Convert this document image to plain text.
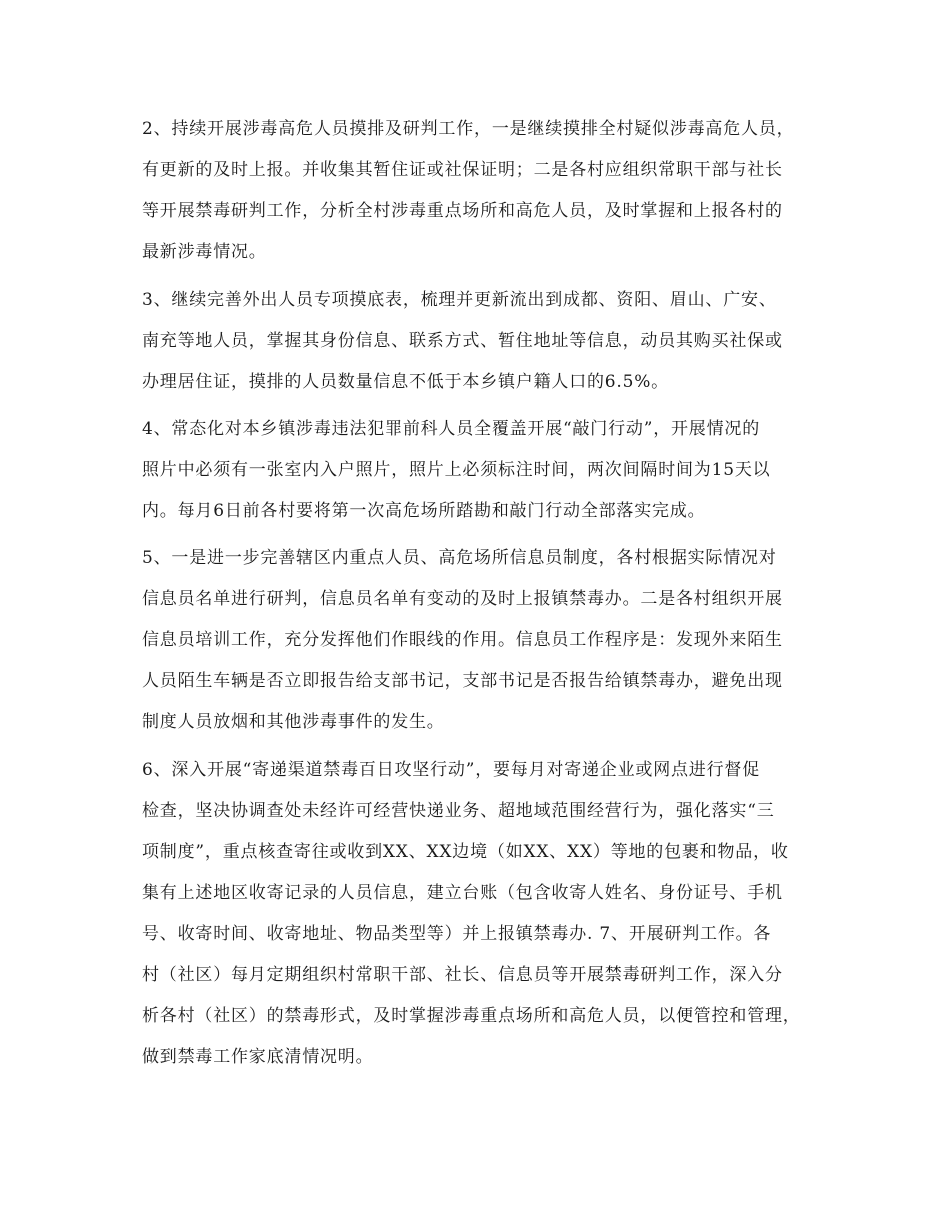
2、持续开展涉毒高危人员摸排及研判工作，一是继续摸排全村疑似涉毒高危人员，
有更新的及时上报。并收集其暂住证或社保证明；二是各村应组织常职干部与社长
等开展禁毒研判工作，分析全村涉毒重点场所和高危人员，及时掌握和上报各村的
最新涉毒情况。
3、继续完善外出人员专项摸底表，梳理并更新流出到成都、资阳、眉山、广安、
南充等地人员，掌握其身份信息、联系方式、暂住地址等信息，动员其购买社保或
办理居住证，摸排的人员数量信息不低于本乡镇户籍人口的6.5%。
4、常态化对本乡镇涉毒违法犯罪前科人员全覆盖开展“敲门行动”，开展情况的
照片中必须有一张室内入户照片，照片上必须标注时间，两次间隔时间为15天以
内。每月6日前各村要将第一次高危场所踏勘和敲门行动全部落实完成。
5、一是进一步完善辖区内重点人员、高危场所信息员制度，各村根据实际情况对
信息员名单进行研判，信息员名单有变动的及时上报镇禁毒办。二是各村组织开展
信息员培训工作，充分发挥他们作眼线的作用。信息员工作程序是：发现外来陌生
人员陌生车辆是否立即报告给支部书记，支部书记是否报告给镇禁毒办，避免出现
制度人员放烟和其他涉毒事件的发生。
6、深入开展“寄递渠道禁毒百日攻坚行动”，要每月对寄递企业或网点进行督促
检查，坚决协调查处未经许可经营快递业务、超地域范围经营行为，强化落实“三
项制度”，重点核查寄往或收到XX、XX边境（如XX、XX）等地的包裹和物品，收
集有上述地区收寄记录的人员信息，建立台账（包含收寄人姓名、身份证号、手机
号、收寄时间、收寄地址、物品类型等）并上报镇禁毒办. 7、开展研判工作。各
村（社区）每月定期组织村常职干部、社长、信息员等开展禁毒研判工作，深入分
析各村（社区）的禁毒形式，及时掌握涉毒重点场所和高危人员，以便管控和管理，
做到禁毒工作家底清情况明。
